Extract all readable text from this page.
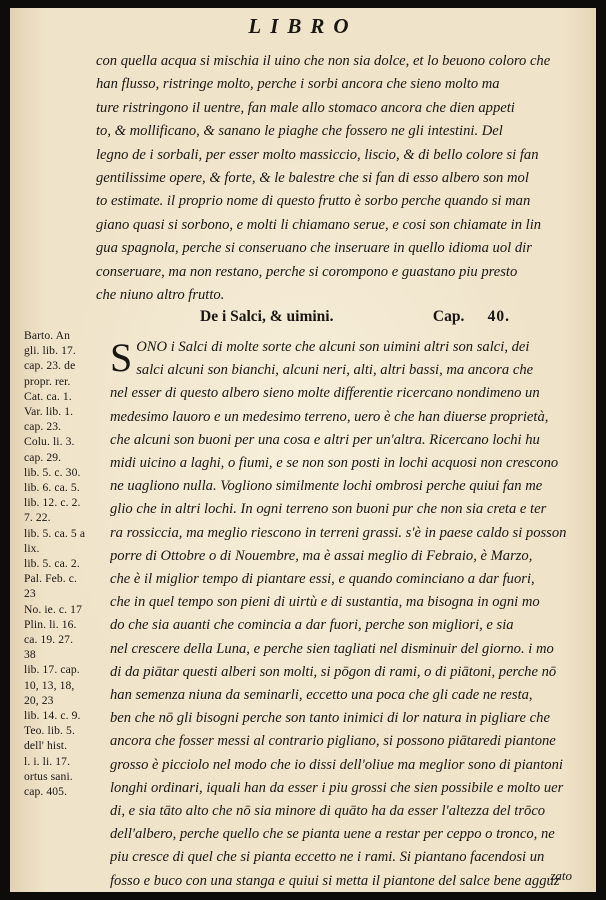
LIBRO
con quella acqua si mischia il uino che non sia dolce, et lo beuono coloro che
han flusso, ristringe molto, perche i sorbi ancora che sieno molto ma
ture ristringono il uentre, fan male allo stomaco ancora che dien appeti
to, & mollificano, & sanano le piaghe che fossero ne gli intestini. Del
legno de i sorbali, per esser molto massiccio, liscio, & di bello colore si fan
gentilissime opere, & forte, & le balestre che si fan di esso albero son mol
to estimate. il proprio nome di questo frutto è sorbo perche quando si man
giano quasi si sorbono, e molti li chiamano serue, e cosi son chiamate in lin
gua spagnola, perche si conseruano che inseruare in quello idioma uol dir
conseruare, ma non restano, perche si corompono e guastano piu presto
che niuno altro frutto.
De i Salci, & uimini.	Cap. 40.
Barto. An
gli. lib. 17.
cap. 23. de
propr. rer.
Cat. ca. 1.
Var. lib. 1.
cap. 23.
Colu. li. 3.
cap. 29.
lib. 5. c. 30.
lib. 6. ca. 5.
lib. 12. c. 2.
7. 22.
lib. 5. ca. 5 a
lix.
lib. 5. ca. 2.
Pal. Feb. c.
23
No. ie. c. 17
Plin. li. 16.
ca. 19. 27.
38
lib. 17. cap.
10, 13, 18,
20, 23
lib. 14. c. 9.
Teo. lib. 5.
dell' hist.
l. i. li. 17.
ortus sani.
cap. 405.
S ONO i Salci di molte sorte che alcuni son uimini altri son salci, dei
salci alcuni son bianchi, alcuni neri, alti, altri bassi, ma ancora che
nel esser di questo albero sieno molte differentie ricercano nondimeno un
medesimo lauoro e un medesimo terreno, uero è che han diuerse proprietà,
che alcuni son buoni per una cosa e altri per un'altra. Ricercano lochi hu
midi uicino a laghi, o fiumi, e se non son posti in lochi acquosi non crescono
ne uagliono nulla. Vogliono similmente lochi ombrosi perche quiui fan me
glio che in altri lochi. In ogni terreno son buoni pur che non sia creta e ter
ra rossiccia, ma meglio riescono in terreni grassi. s'è in paese caldo si posson
porre di Ottobre o di Nouembre, ma è assai meglio di Febraio, è Marzo,
che è il miglior tempo di piantare essi, e quando cominciano a dar fuori,
che in quel tempo son pieni di uirtù e di sustantia, ma bisogna in ogni mo
do che sia auanti che comincia a dar fuori, perche son migliori, e sia
nel crescere della Luna, e perche sien tagliati nel disminuir del giorno. i mo
di da piātar questi alberi son molti, si pōgon di rami, o di piātoni, perche nō
han semenza niuna da seminarli, eccetto una poca che gli cade ne resta,
ben che nō gli bisogni perche son tanto inimici di lor natura in pigliare che
ancora che fosser messi al contrario pigliano, si possono piātaredi piantone
grosso è picciolo nel modo che io dissi dell'oliue ma meglior sono di piantoni
longhi ordinari, iquali han da esser i piu grossi che sien possibile e molto uer
di, e sia tāto alto che nō sia minore di quāto ha da esser l'altezza del trōco
dell'albero, perche quello che se pianta uene a restar per ceppo o tronco, ne
piu cresce di quel che si pianta eccetto ne i rami. Si piantano facendosi un
fosso e buco con una stanga e quiui si metta il piantone del salce bene agguz
zato
